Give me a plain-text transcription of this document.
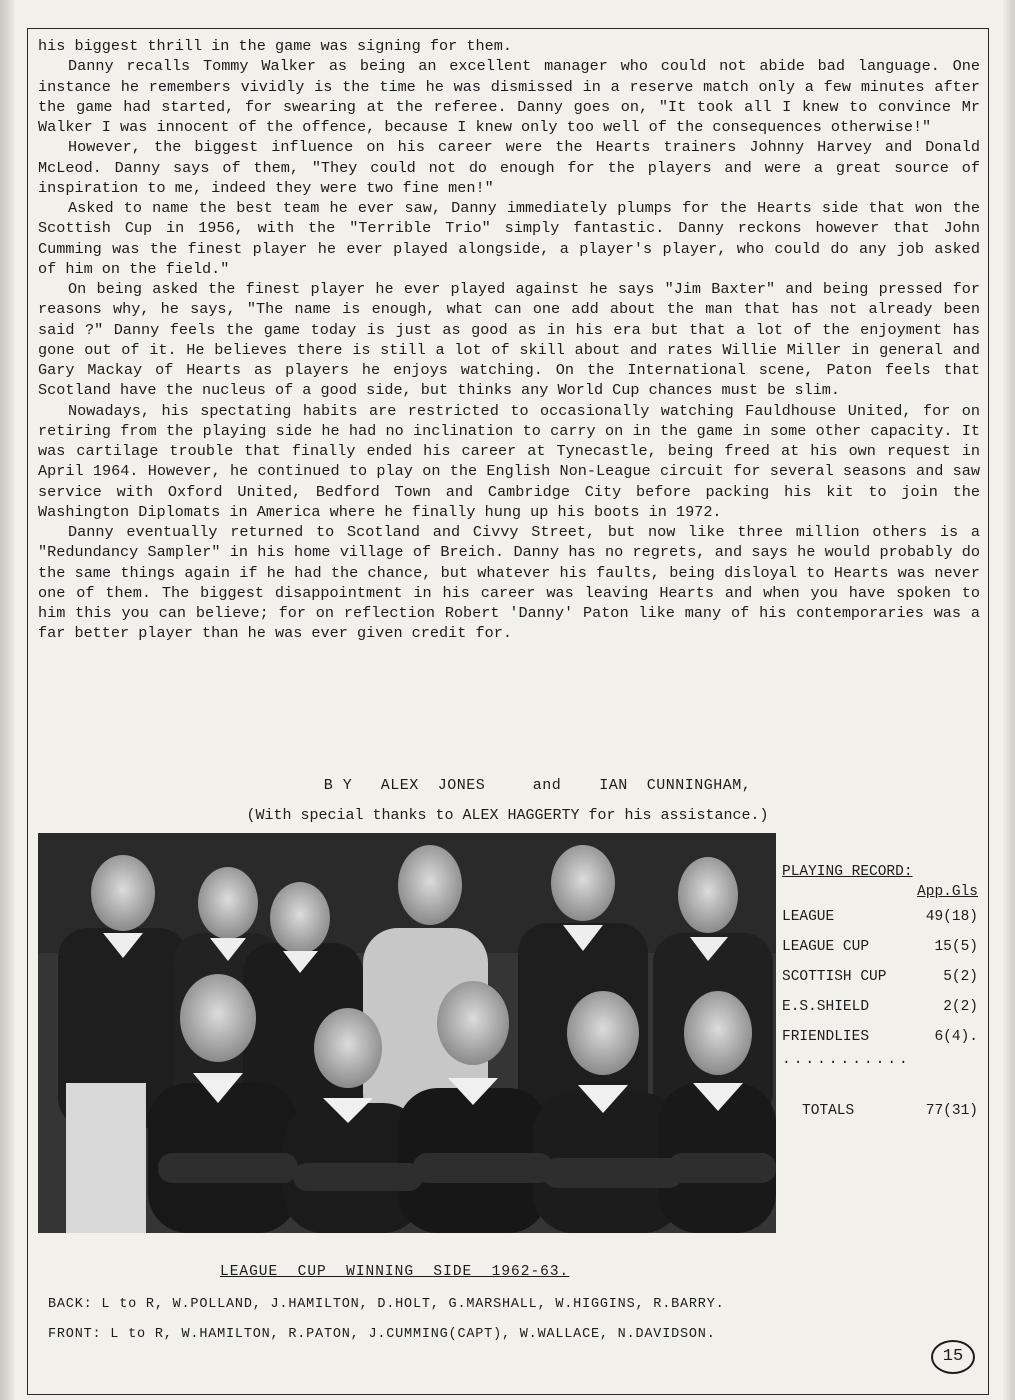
his biggest thrill in the game was signing for them.

Danny recalls Tommy Walker as being an excellent manager who could not abide bad language. One instance he remembers vividly is the time he was dismissed in a reserve match only a few minutes after the game had started, for swearing at the referee. Danny goes on, "It took all I knew to convince Mr Walker I was innocent of the offence, because I knew only too well of the consequences otherwise!"

However, the biggest influence on his career were the Hearts trainers Johnny Harvey and Donald McLeod. Danny says of them, "They could not do enough for the players and were a great source of inspiration to me, indeed they were two fine men!"

Asked to name the best team he ever saw, Danny immediately plumps for the Hearts side that won the Scottish Cup in 1956, with the "Terrible Trio" simply fantastic. Danny reckons however that John Cumming was the finest player he ever played alongside, a player's player, who could do any job asked of him on the field."

On being asked the finest player he ever played against he says "Jim Baxter" and being pressed for reasons why, he says, "The name is enough, what can one add about the man that has not already been said ?" Danny feels the game today is just as good as in his era but that a lot of the enjoyment has gone out of it. He believes there is still a lot of skill about and rates Willie Miller in general and Gary Mackay of Hearts as players he enjoys watching. On the International scene, Paton feels that Scotland have the nucleus of a good side, but thinks any World Cup chances must be slim.

Nowadays, his spectating habits are restricted to occasionally watching Fauldhouse United, for on retiring from the playing side he had no inclination to carry on in the game in some other capacity. It was cartilage trouble that finally ended his career at Tynecastle, being freed at his own request in April 1964. However, he continued to play on the English Non-League circuit for several seasons and saw service with Oxford United, Bedford Town and Cambridge City before packing his kit to join the Washington Diplomats in America where he finally hung up his boots in 1972.

Danny eventually returned to Scotland and Civvy Street, but now like three million others is a "Redundancy Sampler" in his home village of Breich. Danny has no regrets, and says he would probably do the same things again if he had the chance, but whatever his faults, being disloyal to Hearts was never one of them. The biggest disappointment in his career was leaving Hearts and when you have spoken to him this you can believe; for on reflection Robert 'Danny' Paton like many of his contemporaries was a far better player than he was ever given credit for.

B Y   ALEX  JONES     and    IAN  CUNNINGHAM,
(With special thanks to ALEX HAGGERTY for his assistance.)
PLAYING RECORD:
App.Gls
LEAGUE	49(18)
LEAGUE CUP	15(5)
SCOTTISH CUP	5(2)
E.S.SHIELD	2(2)
FRIENDLIES	6(4).
...........
TOTALS	77(31)
LEAGUE  CUP  WINNING  SIDE  1962-63.
BACK: L to R, W.POLLAND, J.HAMILTON, D.HOLT, G.MARSHALL, W.HIGGINS, R.BARRY.
FRONT: L to R, W.HAMILTON, R.PATON, J.CUMMING(CAPT), W.WALLACE, N.DAVIDSON.
15
